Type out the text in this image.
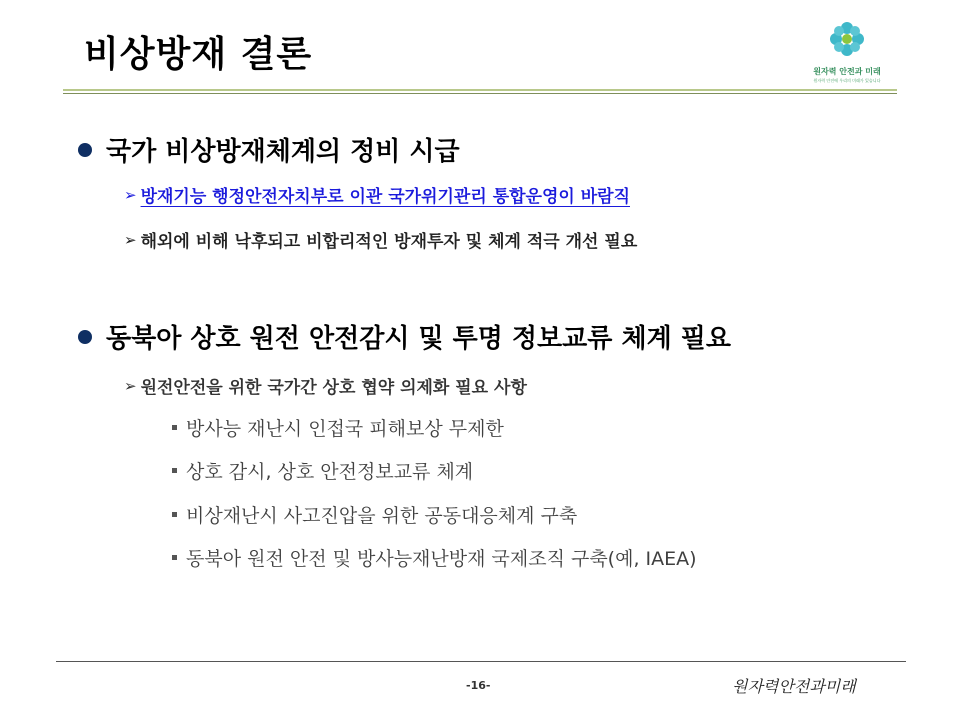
비상방재 결론	원자력 안전과 미래
원자력 안전에 우리의 미래가 있습니다
국가 비상방재체계의 정비 시급
➢ 방재기능 행정안전자치부로 이관 국가위기관리 통합운영이 바람직
➢ 해외에 비해 낙후되고 비합리적인 방재투자 및 체계 적극 개선 필요
동북아 상호 원전 안전감시 및 투명 정보교류 체계 필요
➢ 원전안전을 위한 국가간 상호 협약 의제화 필요 사항
방사능 재난시 인접국 피해보상 무제한
상호 감시, 상호 안전정보교류 체계
비상재난시 사고진압을 위한 공동대응체계 구축
동북아 원전 안전 및 방사능재난방재 국제조직 구축(예, IAEA)
-16-	원자력안전과미래
